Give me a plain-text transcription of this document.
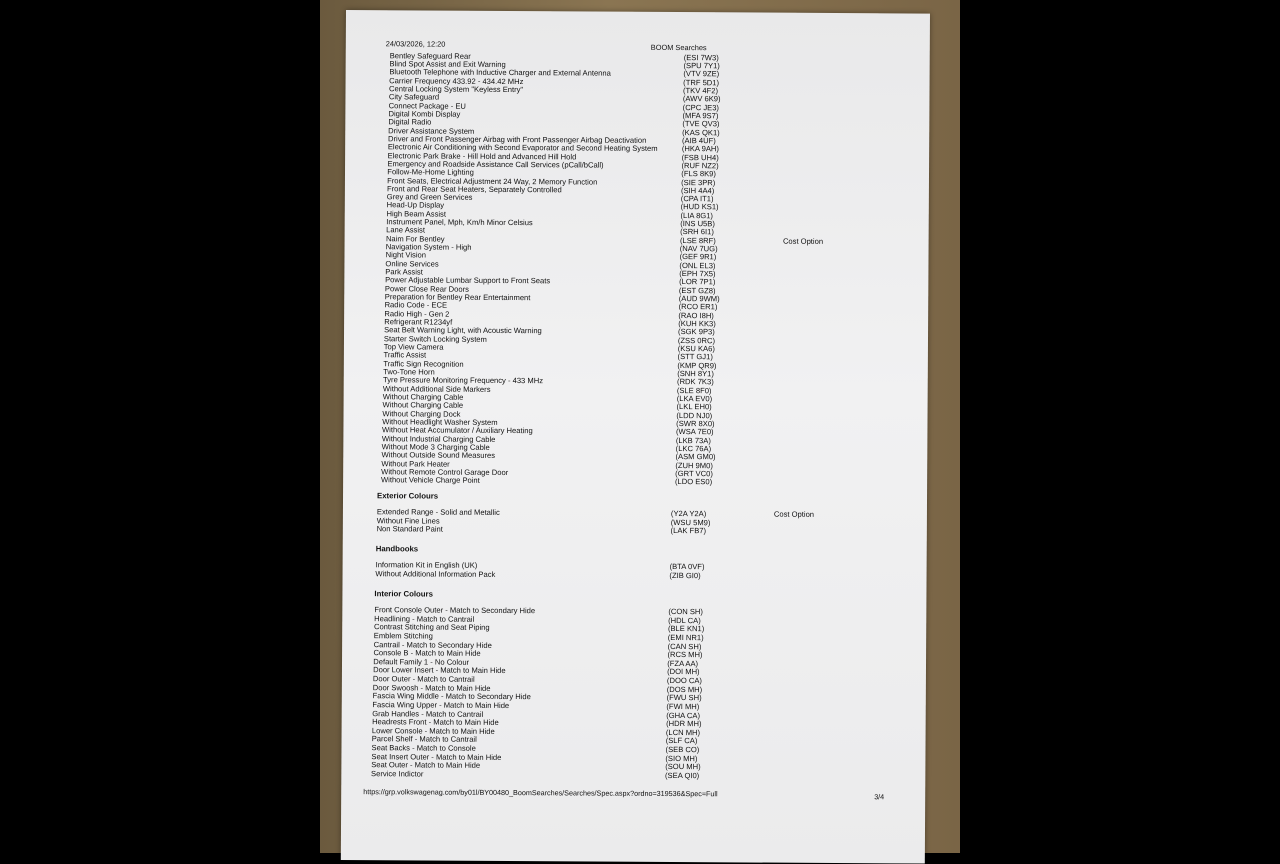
24/03/2026, 12:20	BOOM Searches
https://grp.volkswagenag.com/by01l/BY00480_BoomSearches/Searches/Spec.aspx?ordno=319536&Spec=Full	3/4
Bentley Safeguard Rear	(ESI 7W3)
Blind Spot Assist and Exit Warning	(SPU 7Y1)
Bluetooth Telephone with Inductive Charger and External Antenna	(VTV 9ZE)
Carrier Frequency 433.92 - 434.42 MHz	(TRF 5D1)
Central Locking System "Keyless Entry"	(TKV 4F2)
City Safeguard	(AWV 6K9)
Connect Package - EU	(CPC JE3)
Digital Kombi Display	(MFA 9S7)
Digital Radio	(TVE QV3)
Driver Assistance System	(KAS QK1)
Driver and Front Passenger Airbag with Front Passenger Airbag Deactivation	(AIB 4UF)
Electronic Air Conditioning with Second Evaporator and Second Heating System	(HKA 9AH)
Electronic Park Brake - Hill Hold and Advanced Hill Hold	(FSB UH4)
Emergency and Roadside Assistance Call Services (pCall/bCall)	(RUF NZ2)
Follow-Me-Home Lighting	(FLS 8K9)
Front Seats, Electrical Adjustment 24 Way, 2 Memory Function	(SIE 3PR)
Front and Rear Seat Heaters, Separately Controlled	(SIH 4A4)
Grey and Green Services	(CPA IT1)
Head-Up Display	(HUD KS1)
High Beam Assist	(LIA 8G1)
Instrument Panel, Mph, Km/h Minor Celsius	(INS U5B)
Lane Assist	(SRH 6I1)
Naim For Bentley	(LSE 8RF)	Cost Option
Navigation System - High	(NAV 7UG)
Night Vision	(GEF 9R1)
Online Services	(ONL EL3)
Park Assist	(EPH 7X5)
Power Adjustable Lumbar Support to Front Seats	(LOR 7P1)
Power Close Rear Doors	(EST GZ8)
Preparation for Bentley Rear Entertainment	(AUD 9WM)
Radio Code - ECE	(RCO ER1)
Radio High - Gen 2	(RAO I8H)
Refrigerant R1234yf	(KUH KK3)
Seat Belt Warning Light, with Acoustic Warning	(SGK 9P3)
Starter Switch Locking System	(ZSS 0RC)
Top View Camera	(KSU KA6)
Traffic Assist	(STT GJ1)
Traffic Sign Recognition	(KMP QR9)
Two-Tone Horn	(SNH 8Y1)
Tyre Pressure Monitoring Frequency - 433 MHz	(RDK 7K3)
Without Additional Side Markers	(SLE 8F0)
Without Charging Cable	(LKA EV0)
Without Charging Cable	(LKL EH0)
Without Charging Dock	(LDD NJ0)
Without Headlight Washer System	(SWR 8X0)
Without Heat Accumulator / Auxiliary Heating	(WSA 7E0)
Without Industrial Charging Cable	(LKB 73A)
Without Mode 3 Charging Cable	(LKC 76A)
Without Outside Sound Measures	(ASM GM0)
Without Park Heater	(ZUH 9M0)
Without Remote Control Garage Door	(GRT VC0)
Without Vehicle Charge Point	(LDO ES0)
Exterior Colours
Extended Range - Solid and Metallic	(Y2A Y2A)	Cost Option
Without Fine Lines	(WSU 5M9)
Non Standard Paint	(LAK FB7)
Handbooks
Information Kit in English (UK)	(BTA 0VF)
Without Additional Information Pack	(ZIB GI0)
Interior Colours
Front Console Outer - Match to Secondary Hide	(CON SH)
Headlining - Match to Cantrail	(HDL CA)
Contrast Stitching and Seat Piping	(BLE KN1)
Emblem Stitching	(EMI NR1)
Cantrail - Match to Secondary Hide	(CAN SH)
Console B - Match to Main Hide	(RCS MH)
Default Family 1 - No Colour	(FZA AA)
Door Lower Insert - Match to Main Hide	(DOI MH)
Door Outer - Match to Cantrail	(DOO CA)
Door Swoosh - Match to Main Hide	(DOS MH)
Fascia Wing Middle - Match to Secondary Hide	(FWU SH)
Fascia Wing Upper - Match to Main Hide	(FWI MH)
Grab Handles - Match to Cantrail	(GHA CA)
Headrests Front - Match to Main Hide	(HDR MH)
Lower Console - Match to Main Hide	(LCN MH)
Parcel Shelf - Match to Cantrail	(SLF CA)
Seat Backs - Match to Console	(SEB CO)
Seat Insert Outer - Match to Main Hide	(SIO MH)
Seat Outer - Match to Main Hide	(SOU MH)
Service Indictor	(SEA QI0)
